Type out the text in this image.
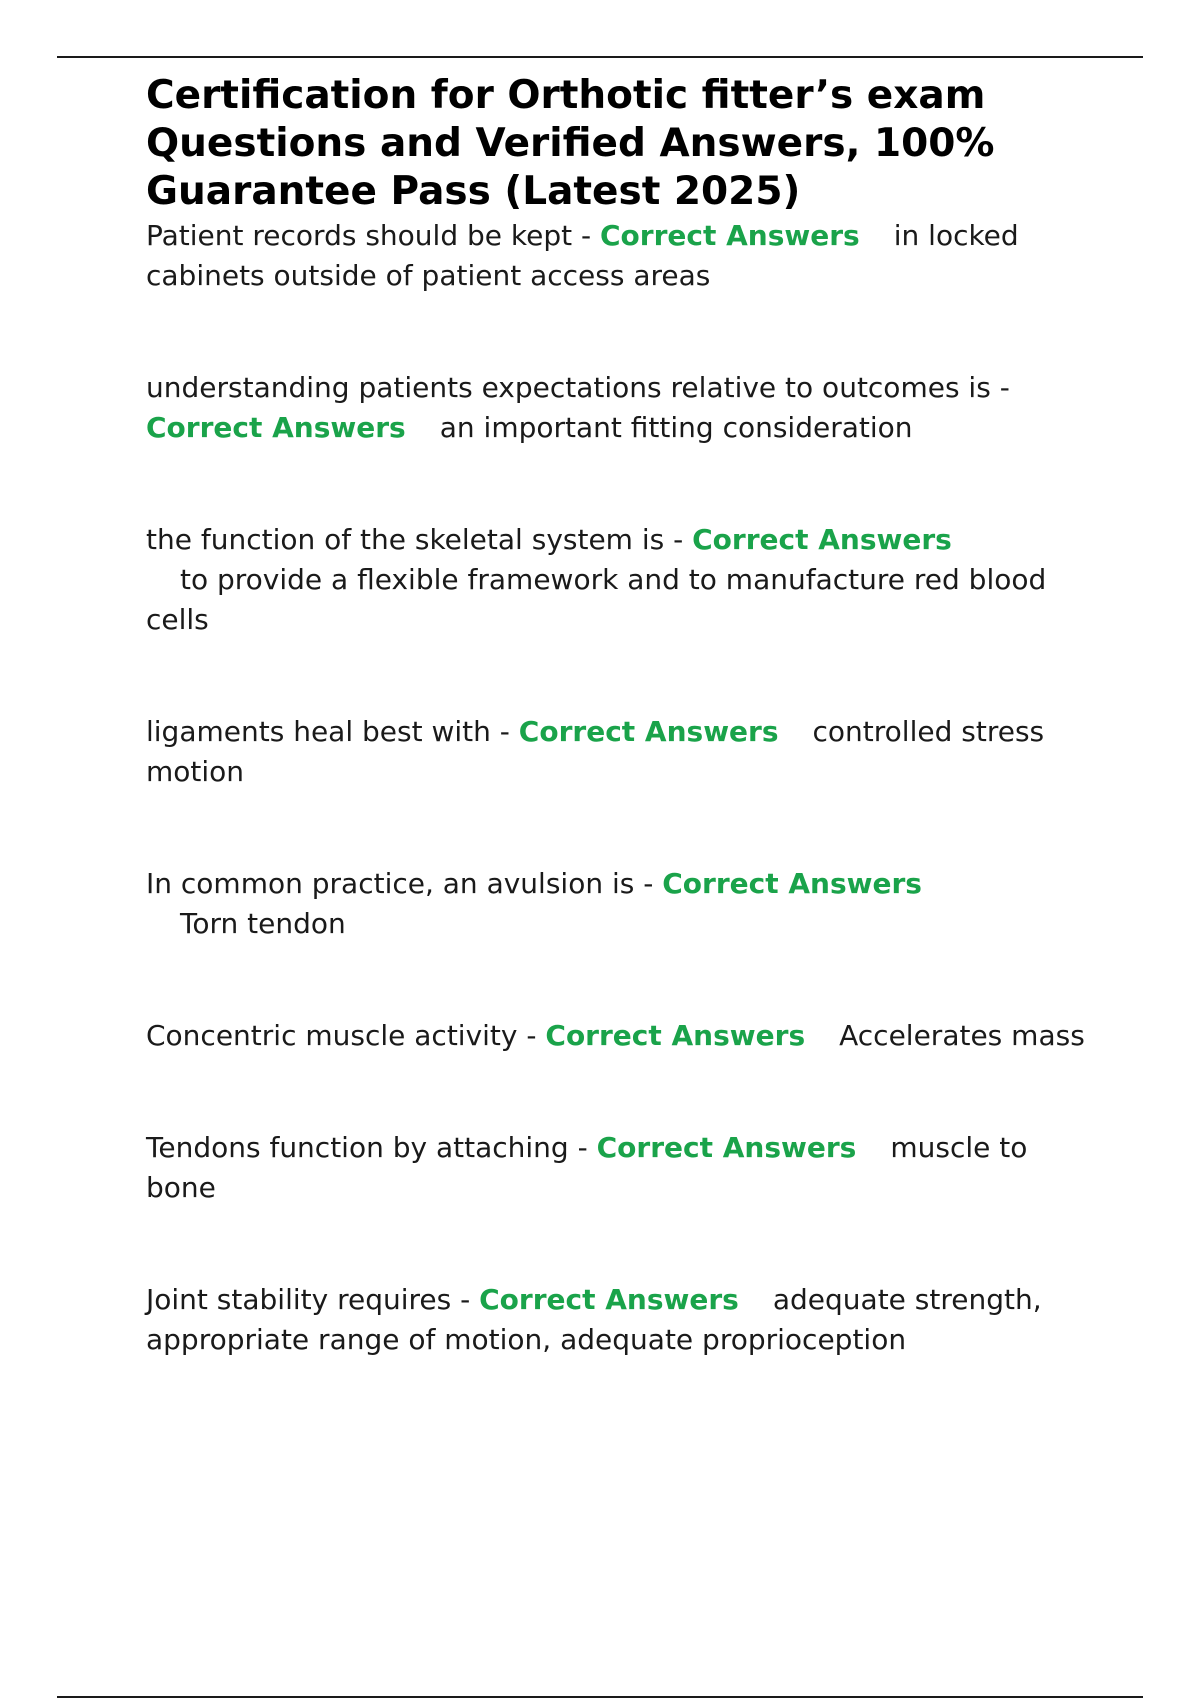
Certification for Orthotic fitter’s exam Questions and Verified Answers, 100% Guarantee Pass (Latest 2025)

Patient records should be kept - Correct Answers in locked cabinets outside of patient access areas

understanding patients expectations relative to outcomes is - Correct Answers an important fitting consideration

the function of the skeletal system is - Correct Answers
to provide a flexible framework and to manufacture red blood cells

ligaments heal best with - Correct Answers controlled stress motion

In common practice, an avulsion is - Correct Answers
Torn tendon

Concentric muscle activity - Correct Answers Accelerates mass

Tendons function by attaching - Correct Answers muscle to bone

Joint stability requires - Correct Answers adequate strength, appropriate range of motion, adequate proprioception
